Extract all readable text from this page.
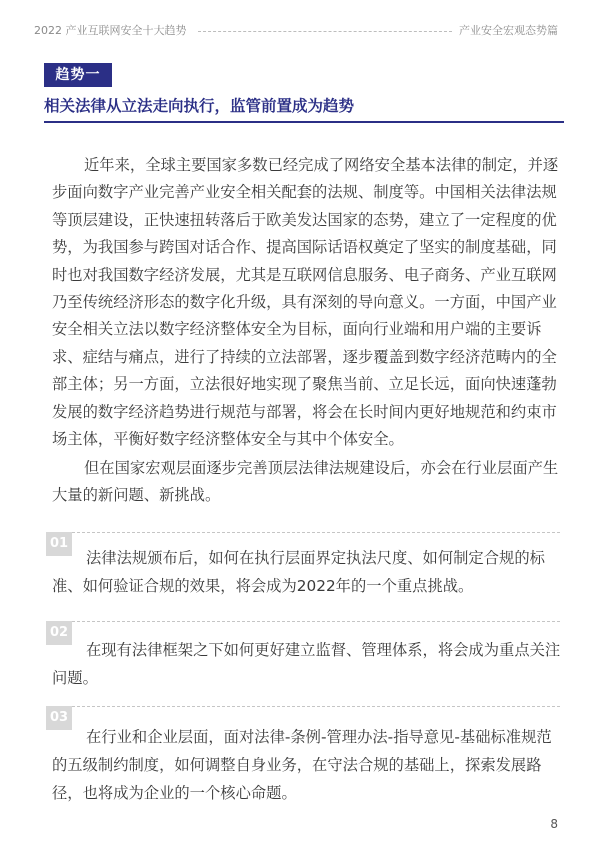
2022 产业互联网安全十大趋势	产业安全宏观态势篇
趋势一
相关法律从立法走向执行，监管前置成为趋势
近年来，全球主要国家多数已经完成了网络安全基本法律的制定，并逐步面向数字产业完善产业安全相关配套的法规、制度等。中国相关法律法规等顶层建设，正快速扭转落后于欧美发达国家的态势，建立了一定程度的优势，为我国参与跨国对话合作、提高国际话语权奠定了坚实的制度基础，同时也对我国数字经济发展，尤其是互联网信息服务、电子商务、产业互联网乃至传统经济形态的数字化升级，具有深刻的导向意义。一方面，中国产业安全相关立法以数字经济整体安全为目标，面向行业端和用户端的主要诉求、症结与痛点，进行了持续的立法部署，逐步覆盖到数字经济范畴内的全部主体；另一方面，立法很好地实现了聚焦当前、立足长远，面向快速蓬勃发展的数字经济趋势进行规范与部署，将会在长时间内更好地规范和约束市场主体，平衡好数字经济整体安全与其中个体安全。
但在国家宏观层面逐步完善顶层法律法规建设后，亦会在行业层面产生大量的新问题、新挑战。
01
法律法规颁布后，如何在执行层面界定执法尺度、如何制定合规的标准、如何验证合规的效果，将会成为2022年的一个重点挑战。
02
在现有法律框架之下如何更好建立监督、管理体系，将会成为重点关注问题。
03
在行业和企业层面，面对法律-条例-管理办法-指导意见-基础标准规范的五级制约制度，如何调整自身业务，在守法合规的基础上，探索发展路径，也将成为企业的一个核心命题。
8
